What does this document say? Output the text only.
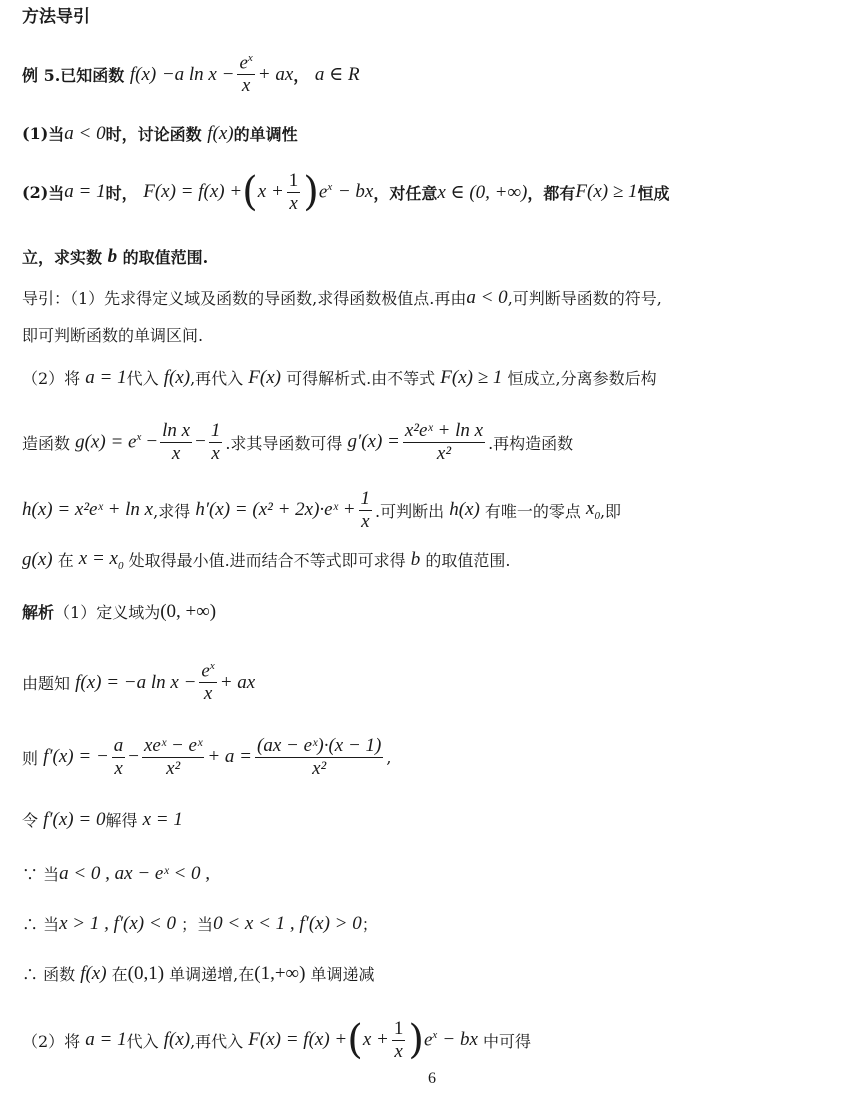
方法导引
例 5. 已知函数
f(x)
−a $\ln x - \frac{e^x}{x}$ + ax ，
a ∈ R
(1) 当 a < 0 时，讨论函数
f(x) 的单调性
(2) 当 a = 1 时，
F(x) = f(x) + ( $x + \frac{1}{x}$ ) $e^x$
− bx ，对任意 x ∈ (0, +∞) ，都有 F(x) ≥ 1 恒成
立，求实数
b
的取值范围.
导引：（1）先求得定义域及函数的导函数,求得函数极值点.再由 a < 0 ,可判断导函数的符号,
即可判断函数的单调区间.
（2）将
a = 1 代入
f(x) ,再代入
F(x)
可得解析式.由不等式
F(x) ≥ 1
恒成立,分离参数后构
造函数
$g(x) = e^x$
− $\frac{\text{ln x}}{x} - \frac{1}{x}$ .求其导函数可得
$g'(x) = \frac{\text{x²eˣ + ln x}}{\text{x²}}$ .再构造函数
h(x) = x²eˣ + ln x ,求得
h′(x) = (x² + 2x)·eˣ + $\frac{1}{x}$ .可判断出
h(x)
有唯一的零点
$x_0$ ,即
g(x)
在
$x = x_0$
处取得最小值.进而结合不等式即可求得
b
的取值范围.
解析 （1）定义域为 (0, +∞)
由题知
f(x) = −a $\ln x - \frac{e^x}{x}$ + ax
则
f′(x) = − $\frac{a}{x} - \frac{\text{xeˣ − eˣ}}{\text{x²}} + a = \frac{\text{(ax − eˣ)·(x − 1)}}{\text{x²}}$ ,
令
f′(x) = 0 解得
x = 1
∵ 当 a < 0 , ax − eˣ < 0 ,
∴ 当 x > 1 , f′(x) < 0
；当 0 < x < 1 , f′(x) > 0 ；
∴ 函数
f(x)
在 (0,1)
单调递增,在 (1,+∞)
单调递减
（2）将
a = 1 代入
f(x) ,再代入
F(x) = f(x) + ( $x + \frac{1}{x}$ ) $e^x$
− bx
中可得
6
